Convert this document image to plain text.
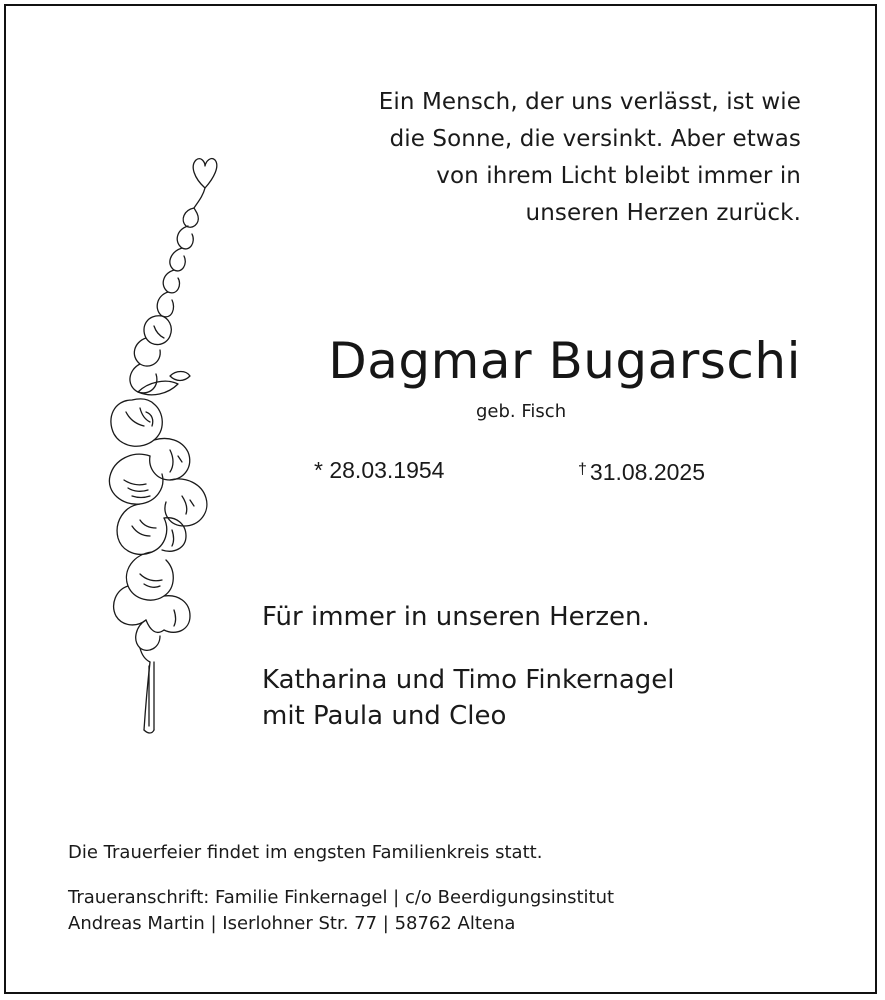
Ein Mensch, der uns verlässt, ist wie
die Sonne, die versinkt. Aber etwas
von ihrem Licht bleibt immer in
unseren Herzen zurück.
Dagmar Bugarschi
geb. Fisch
* 28.03.1954	† 31.08.2025
Für immer in unseren Herzen.
Katharina und Timo Finkernagel
mit Paula und Cleo
Die Trauerfeier findet im engsten Familienkreis statt.
Traueranschrift: Familie Finkernagel | c/o Beerdigungsinstitut
Andreas Martin | Iserlohner Str. 77 | 58762 Altena
